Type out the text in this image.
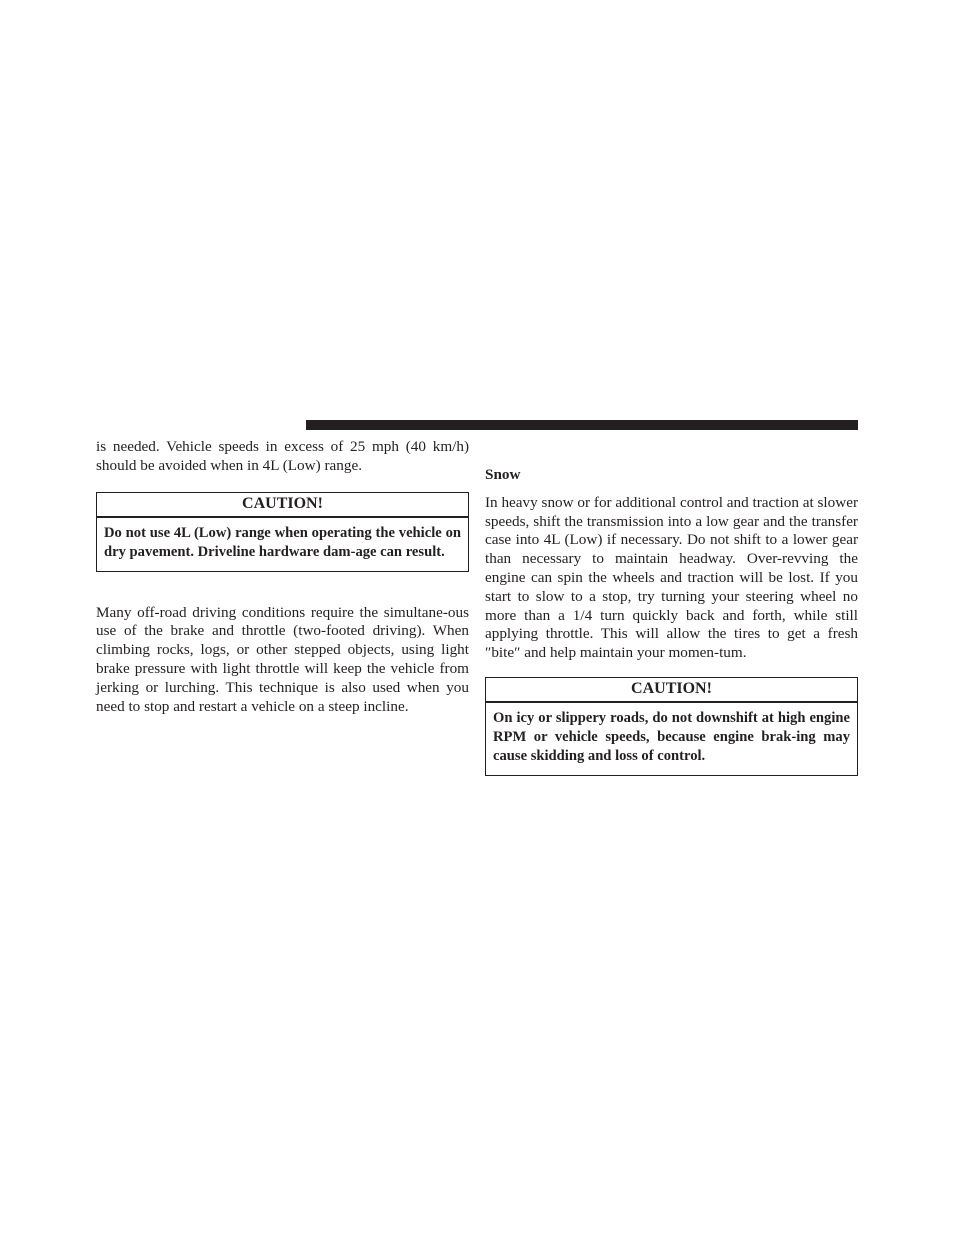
is needed. Vehicle speeds in excess of 25 mph (40 km/h) should be avoided when in 4L (Low) range.

CAUTION!
Do not use 4L (Low) range when operating the vehicle on dry pavement. Driveline hardware dam-age can result.

Many off-road driving conditions require the simultane-ous use of the brake and throttle (two-footed driving). When climbing rocks, logs, or other stepped objects, using light brake pressure with light throttle will keep the vehicle from jerking or lurching. This technique is also used when you need to stop and restart a vehicle on a steep incline.

Snow

In heavy snow or for additional control and traction at slower speeds, shift the transmission into a low gear and the transfer case into 4L (Low) if necessary. Do not shift to a lower gear than necessary to maintain headway. Over-revving the engine can spin the wheels and traction will be lost. If you start to slow to a stop, try turning your steering wheel no more than a 1/4 turn quickly back and forth, while still applying throttle. This will allow the tires to get a fresh ″bite″ and help maintain your momen-tum.

CAUTION!
On icy or slippery roads, do not downshift at high engine RPM or vehicle speeds, because engine brak-ing may cause skidding and loss of control.
